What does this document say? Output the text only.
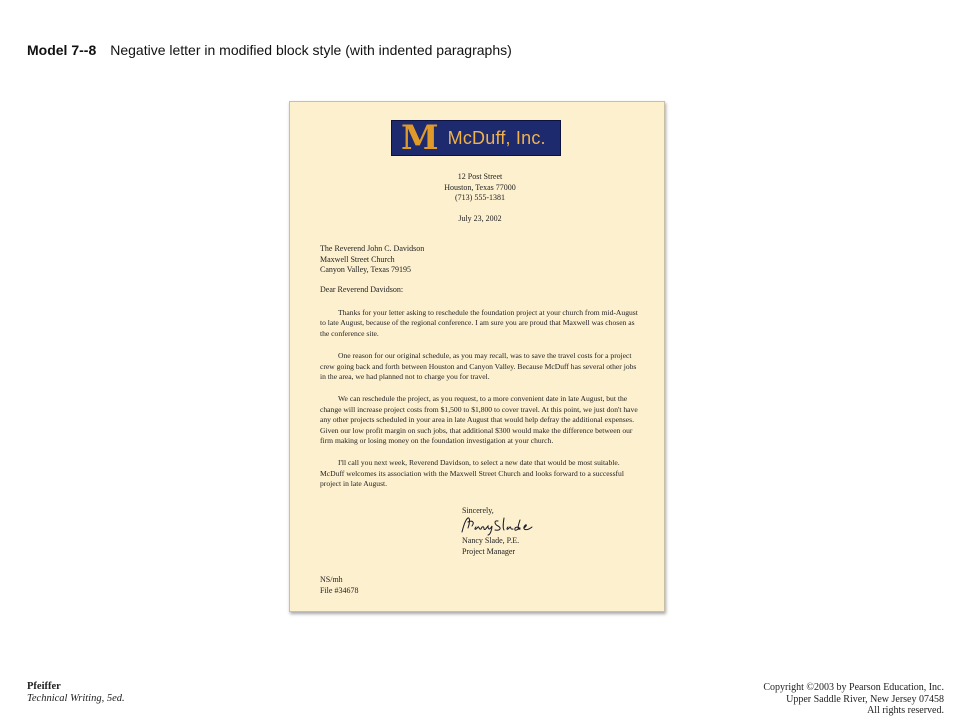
Model 7--8 Negative letter in modified block style (with indented paragraphs)
M McDuff, Inc.
12 Post Street
Houston, Texas 77000
(713) 555-1381
July 23, 2002
The Reverend John C. Davidson
Maxwell Street Church
Canyon Valley, Texas 79195
Dear Reverend Davidson:

Thanks for your letter asking to reschedule the foundation project at your church from mid-August to late August, because of the regional conference. I am sure you are proud that Maxwell was chosen as the conference site.

One reason for our original schedule, as you may recall, was to save the travel costs for a project crew going back and forth between Houston and Canyon Valley. Because McDuff has several other jobs in the area, we had planned not to charge you for travel.

We can reschedule the project, as you request, to a more convenient date in late August, but the change will increase project costs from $1,500 to $1,800 to cover travel. At this point, we just don't have any other projects scheduled in your area in late August that would help defray the additional expenses. Given our low profit margin on such jobs, that additional $300 would make the difference between our firm making or losing money on the foundation investigation at your church.

I'll call you next week, Reverend Davidson, to select a new date that would be most suitable. McDuff welcomes its association with the Maxwell Street Church and looks forward to a successful project in late August.

Sincerely,
Nancy Slade, P.E.
Project Manager
NS/mh
File #34678
Pfeiffer
Technical Writing, 5ed.
Copyright ©2003 by Pearson Education, Inc.
Upper Saddle River, New Jersey 07458
All rights reserved.
